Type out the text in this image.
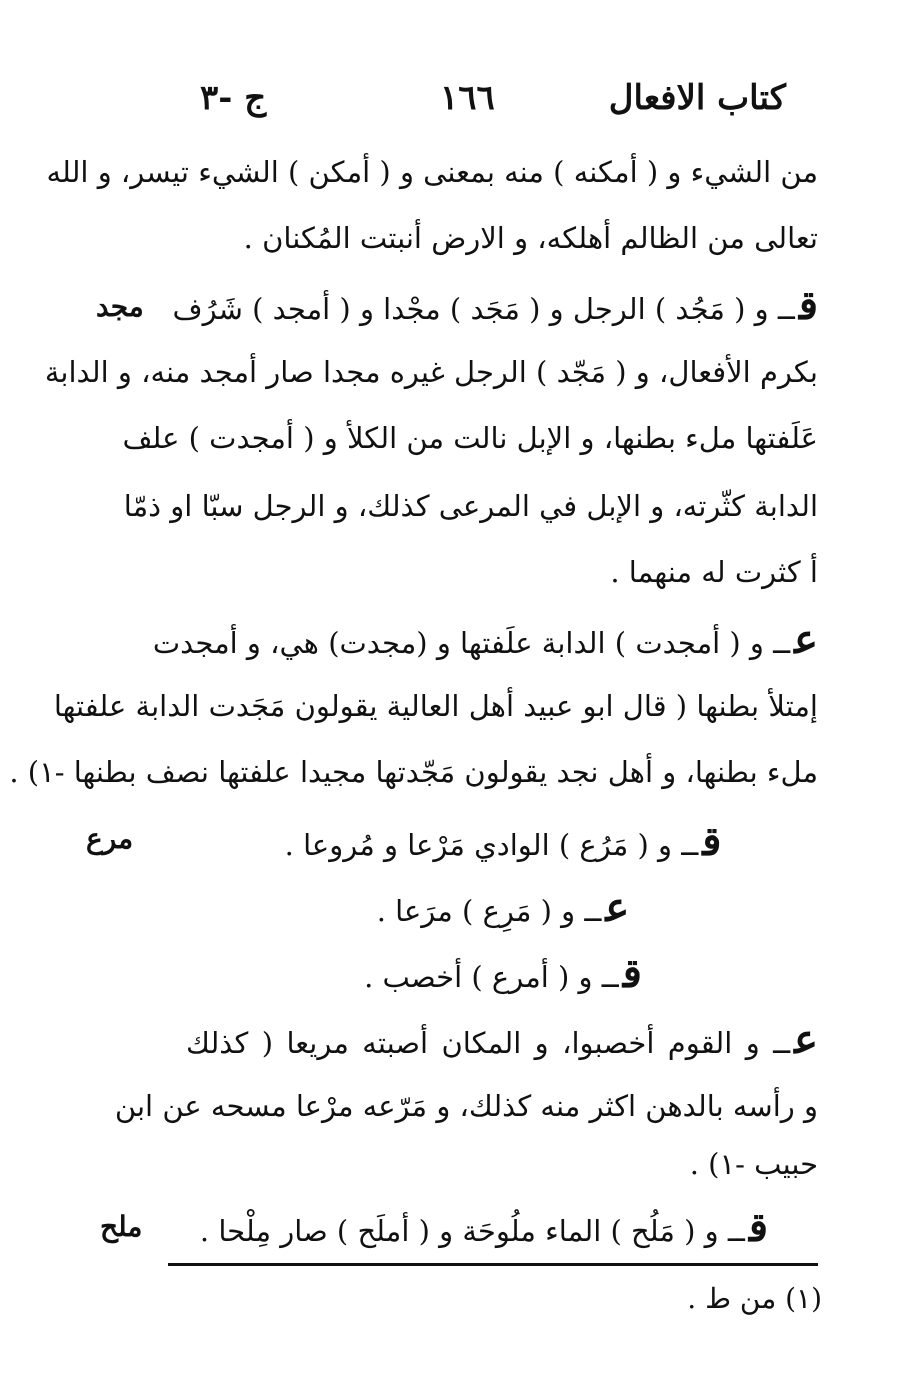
كتاب الافعال
١٦٦
ج -٣
مجد
مرع
ملح
من الشيء و ( أمكنه ) منه بمعنى و ( أمكن ) الشيء تيسر، و الله
تعالى من الظالم أهلكه، و الارض أنبتت المُكنان .
قــ و ( مَجُد ) الرجل و ( مَجَد ) مجْدا و ( أمجد ) شَرُف
بكرم الأفعال، و ( مَجّد ) الرجل غيره مجدا صار أمجد منه، و الدابة
عَلَفتها ملء بطنها، و الإبل نالت من الكلأ و ( أمجدت ) علف
الدابة كثّرته، و الإبل في المرعى كذلك، و الرجل سبّا او ذمّا
أ كثرت له منهما .
عــ و ( أمجدت ) الدابة علَفتها و (مجدت) هي، و أمجدت
إمتلأ بطنها ( قال ابو عبيد أهل العالية يقولون مَجَدت الدابة علفتها
ملء بطنها، و أهل نجد يقولون مَجّدتها مجيدا علفتها نصف بطنها -١) .
قــ و ( مَرُع ) الوادي مَرْعا و مُروعا .
عــ و ( مَرِع ) مرَعا .
قــ و ( أمرع ) أخصب .
عــ و القوم أخصبوا، و المكان أصبته مريعا ( كذلك
و رأسه بالدهن اكثر منه كذلك، و مَرّعه مرْعا مسحه عن ابن
حبيب -١) .
قــ و ( مَلُح ) الماء ملُوحَة و ( أملَح ) صار مِلْحا .
(١) من ط .
